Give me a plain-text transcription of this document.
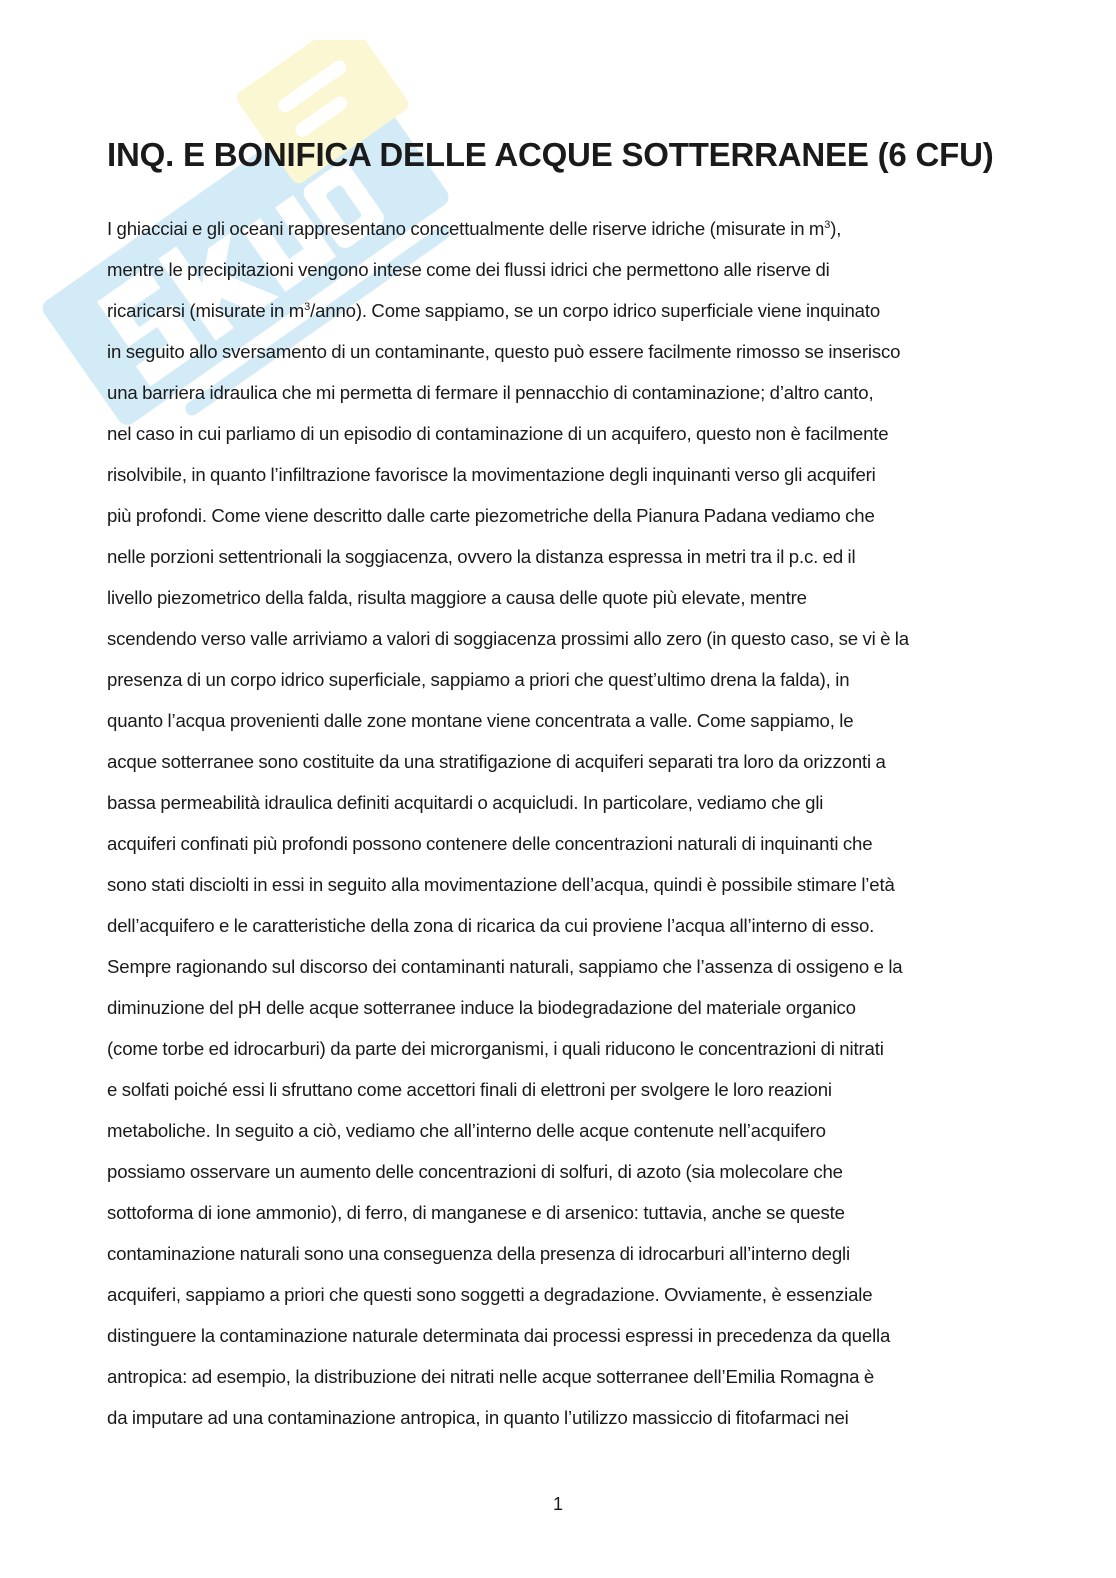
INQ. E BONIFICA DELLE ACQUE SOTTERRANEE (6 CFU)
I ghiacciai e gli oceani rappresentano concettualmente delle riserve idriche (misurate in $m^3$),
mentre le precipitazioni vengono intese come dei flussi idrici che permettono alle riserve di
ricaricarsi (misurate in $m^3/anno$). Come sappiamo, se un corpo idrico superficiale viene inquinato
in seguito allo sversamento di un contaminante, questo può essere facilmente rimosso se inserisco
una barriera idraulica che mi permetta di fermare il pennacchio di contaminazione; d’altro canto,
nel caso in cui parliamo di un episodio di contaminazione di un acquifero, questo non è facilmente
risolvibile, in quanto l’infiltrazione favorisce la movimentazione degli inquinanti verso gli acquiferi
più profondi. Come viene descritto dalle carte piezometriche della Pianura Padana vediamo che
nelle porzioni settentrionali la soggiacenza, ovvero la distanza espressa in metri tra il p.c. ed il
livello piezometrico della falda, risulta maggiore a causa delle quote più elevate, mentre
scendendo verso valle arriviamo a valori di soggiacenza prossimi allo zero (in questo caso, se vi è la
presenza di un corpo idrico superficiale, sappiamo a priori che quest’ultimo drena la falda), in
quanto l’acqua provenienti dalle zone montane viene concentrata a valle. Come sappiamo, le
acque sotterranee sono costituite da una stratifigazione di acquiferi separati tra loro da orizzonti a
bassa permeabilità idraulica definiti acquitardi o acquicludi. In particolare, vediamo che gli
acquiferi confinati più profondi possono contenere delle concentrazioni naturali di inquinanti che
sono stati disciolti in essi in seguito alla movimentazione dell’acqua, quindi è possibile stimare l’età
dell’acquifero e le caratteristiche della zona di ricarica da cui proviene l’acqua all’interno di esso.
Sempre ragionando sul discorso dei contaminanti naturali, sappiamo che l’assenza di ossigeno e la
diminuzione del pH delle acque sotterranee induce la biodegradazione del materiale organico
(come torbe ed idrocarburi) da parte dei microrganismi, i quali riducono le concentrazioni di nitrati
e solfati poiché essi li sfruttano come accettori finali di elettroni per svolgere le loro reazioni
metaboliche. In seguito a ciò, vediamo che all’interno delle acque contenute nell’acquifero
possiamo osservare un aumento delle concentrazioni di solfuri, di azoto (sia molecolare che
sottoforma di ione ammonio), di ferro, di manganese e di arsenico: tuttavia, anche se queste
contaminazione naturali sono una conseguenza della presenza di idrocarburi all’interno degli
acquiferi, sappiamo a priori che questi sono soggetti a degradazione. Ovviamente, è essenziale
distinguere la contaminazione naturale determinata dai processi espressi in precedenza da quella
antropica: ad esempio, la distribuzione dei nitrati nelle acque sotterranee dell’Emilia Romagna è
da imputare ad una contaminazione antropica, in quanto l’utilizzo massiccio di fitofarmaci nei
1
